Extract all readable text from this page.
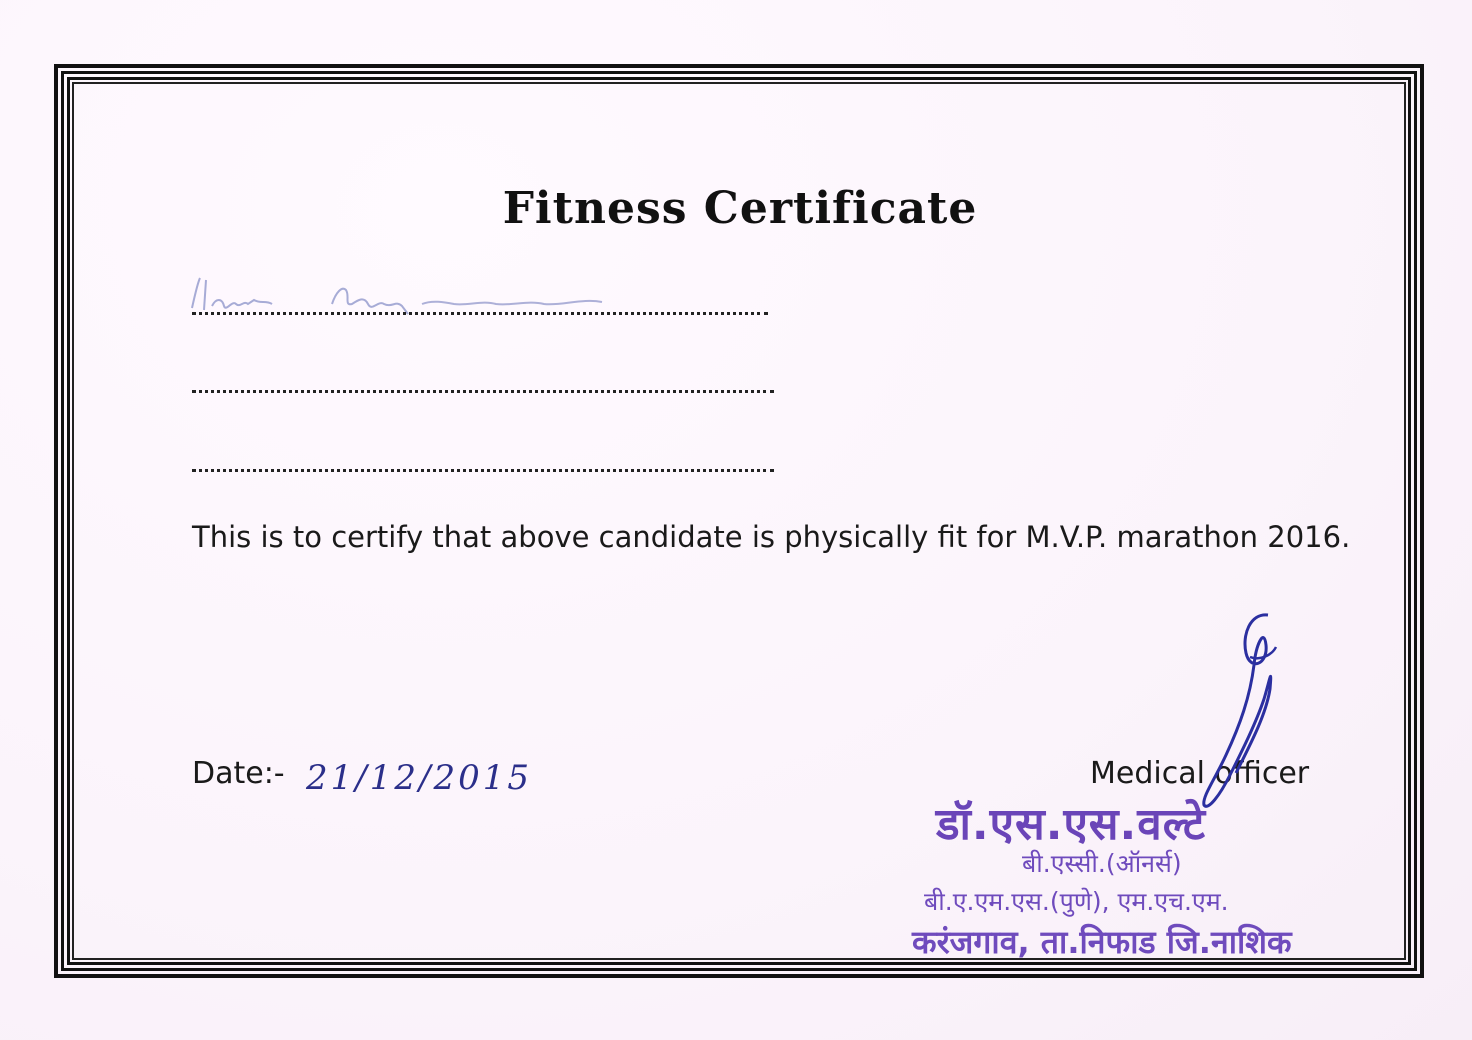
Fitness Certificate
This is to certify that above candidate is physically fit for M.V.P. marathon 2016.
Date:- 21/12/2015	Medical officer
डॉ.एस.एस.वल्टे
बी.एस्सी.(ऑनर्स)
बी.ए.एम.एस.(पुणे), एम.एच.एम.
करंजगाव, ता.निफाड जि.नाशिक
